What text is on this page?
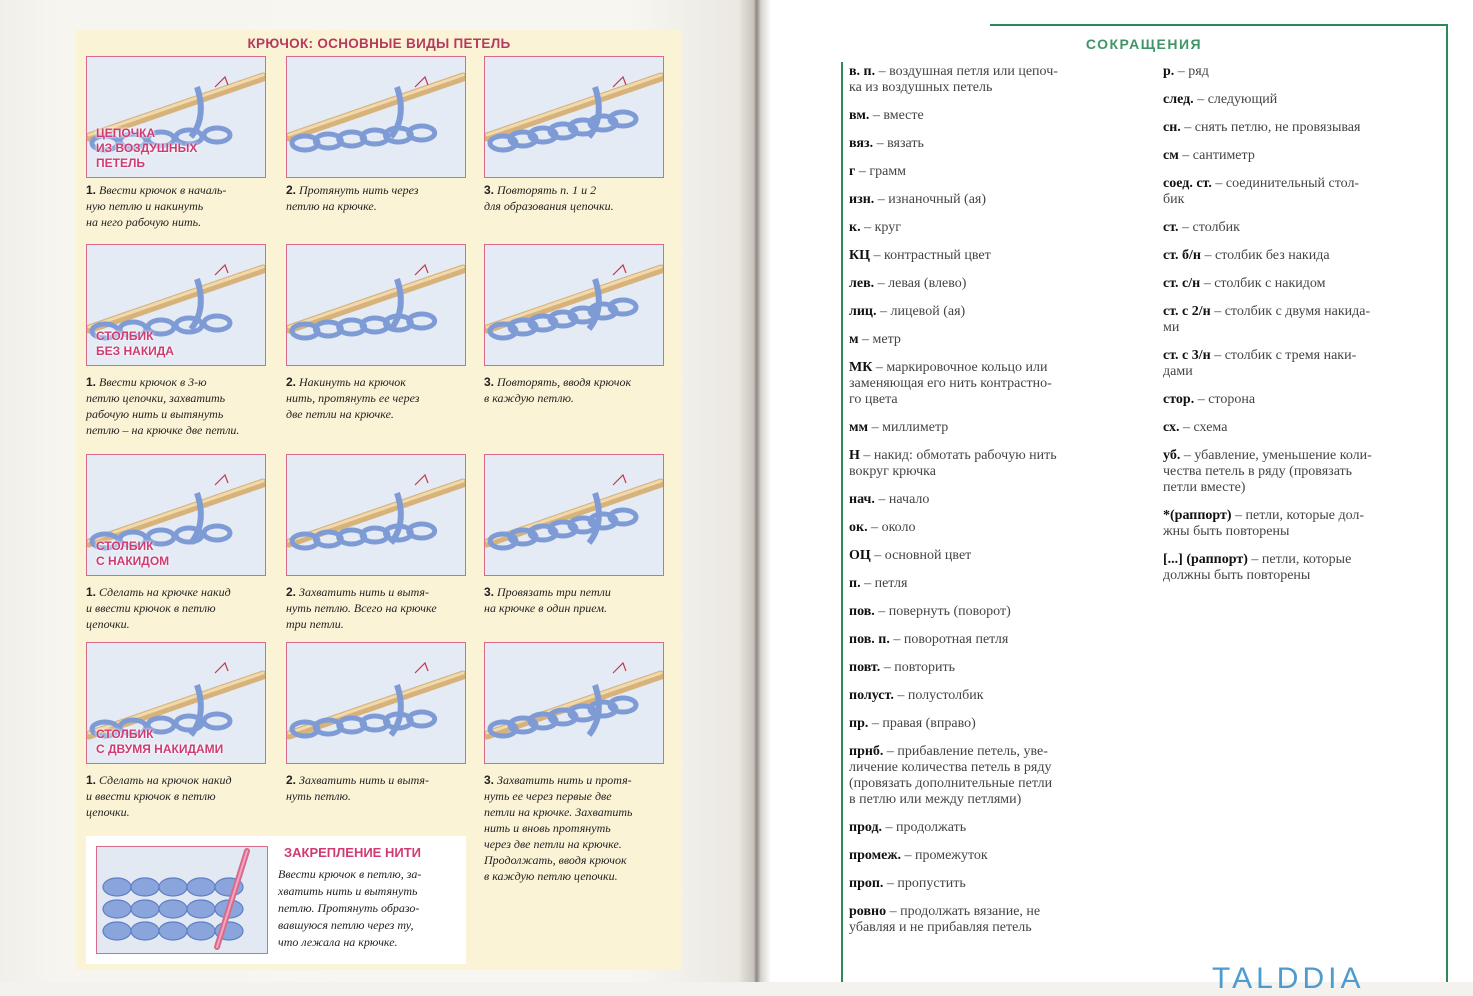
КРЮЧОК: ОСНОВНЫЕ ВИДЫ ПЕТЕЛЬ
ЦЕПОЧКА
ИЗ ВОЗДУШНЫХ
ПЕТЕЛЬ
1. Ввести крючок в началь-
ную петлю и накинуть
на него рабочую нить.
2. Протянуть нить через
петлю на крючке.
3. Повторять п. 1 и 2
для образования цепочки.
СТОЛБИК
БЕЗ НАКИДА
1. Ввести крючок в 3-ю
петлю цепочки, захватить
рабочую нить и вытянуть
петлю – на крючке две петли.
2. Накинуть на крючок
нить, протянуть ее через
две петли на крючке.
3. Повторять, вводя крючок
в каждую петлю.
СТОЛБИК
С НАКИДОМ
1. Сделать на крючке накид
и ввести крючок в петлю
цепочки.
2. Захватить нить и вытя-
нуть петлю. Всего на крючке
три петли.
3. Провязать три петли
на крючке в один прием.
СТОЛБИК
С ДВУМЯ НАКИДАМИ
1. Сделать на крючок накид
и ввести крючок в петлю
цепочки.
2. Захватить нить и вытя-
нуть петлю.
3. Захватить нить и протя-
нуть ее через первые две
петли на крючке. Захватить
нить и вновь протянуть
через две петли на крючке.
Продолжать, вводя крючок
в каждую петлю цепочки.
ЗАКРЕПЛЕНИЕ НИТИ
Ввести крючок в петлю, за-
хватить нить и вытянуть
петлю. Протянуть образо-
вавшуюся петлю через ту,
что лежала на крючке.
СОКРАЩЕНИЯ
в. п. – воздушная петля или цепоч-
ка из воздушных петель
вм. – вместе
вяз. – вязать
г – грамм
изн. – изнаночный (ая)
к. – круг
КЦ – контрастный цвет
лев. – левая (влево)
лиц. – лицевой (ая)
м – метр
МК – маркировочное кольцо или
заменяющая его нить контрастно-
го цвета
мм – миллиметр
Н – накид: обмотать рабочую нить
вокруг крючка
нач. – начало
ок. – около
ОЦ – основной цвет
п. – петля
пов. – повернуть (поворот)
пов. п. – поворотная петля
повт. – повторить
полуст. – полустолбик
пр. – правая (вправо)
прнб. – прибавление петель, уве-
личение количества петель в ряду
(провязать дополнительные петли
в петлю или между петлями)
прод. – продолжать
промеж. – промежуток
проп. – пропустить
ровно – продолжать вязание, не
убавляя и не прибавляя петель
р. – ряд
след. – следующий
сн. – снять петлю, не провязывая
см – сантиметр
соед. ст. – соединительный стол-
бик
ст. – столбик
ст. б/н – столбик без накида
ст. с/н – столбик с накидом
ст. с 2/н – столбик с двумя накида-
ми
ст. с 3/н – столбик с тремя наки-
дами
стор. – сторона
сх. – схема
уб. – убавление, уменьшение коли-
чества петель в ряду (провязать
петли вместе)
*(раппорт) – петли, которые дол-
жны быть повторены
[...] (раппорт) – петли, которые
должны быть повторены
TALDDIA
